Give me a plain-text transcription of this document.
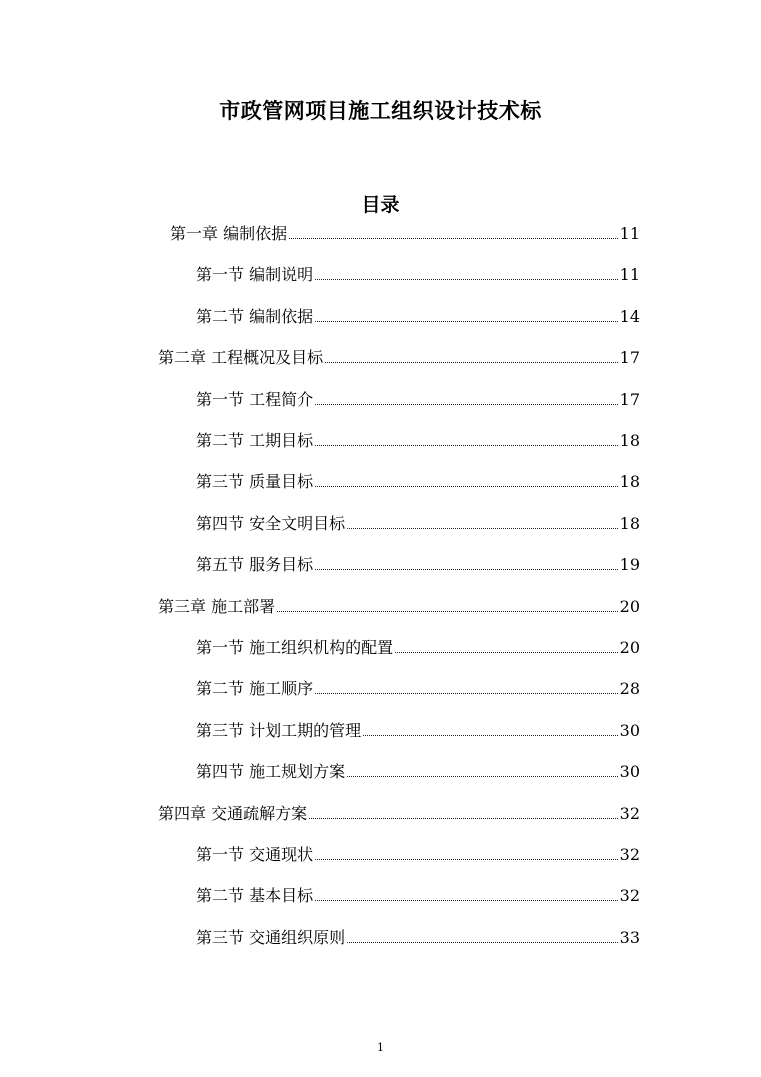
市政管网项目施工组织设计技术标
目录
第一章 编制依据	11
第一节 编制说明	11
第二节 编制依据	14
第二章 工程概况及目标	17
第一节 工程简介	17
第二节 工期目标	18
第三节 质量目标	18
第四节 安全文明目标	18
第五节 服务目标	19
第三章 施工部署	20
第一节 施工组织机构的配置	20
第二节 施工顺序	28
第三节 计划工期的管理	30
第四节 施工规划方案	30
第四章 交通疏解方案	32
第一节 交通现状	32
第二节 基本目标	32
第三节 交通组织原则	33
1
